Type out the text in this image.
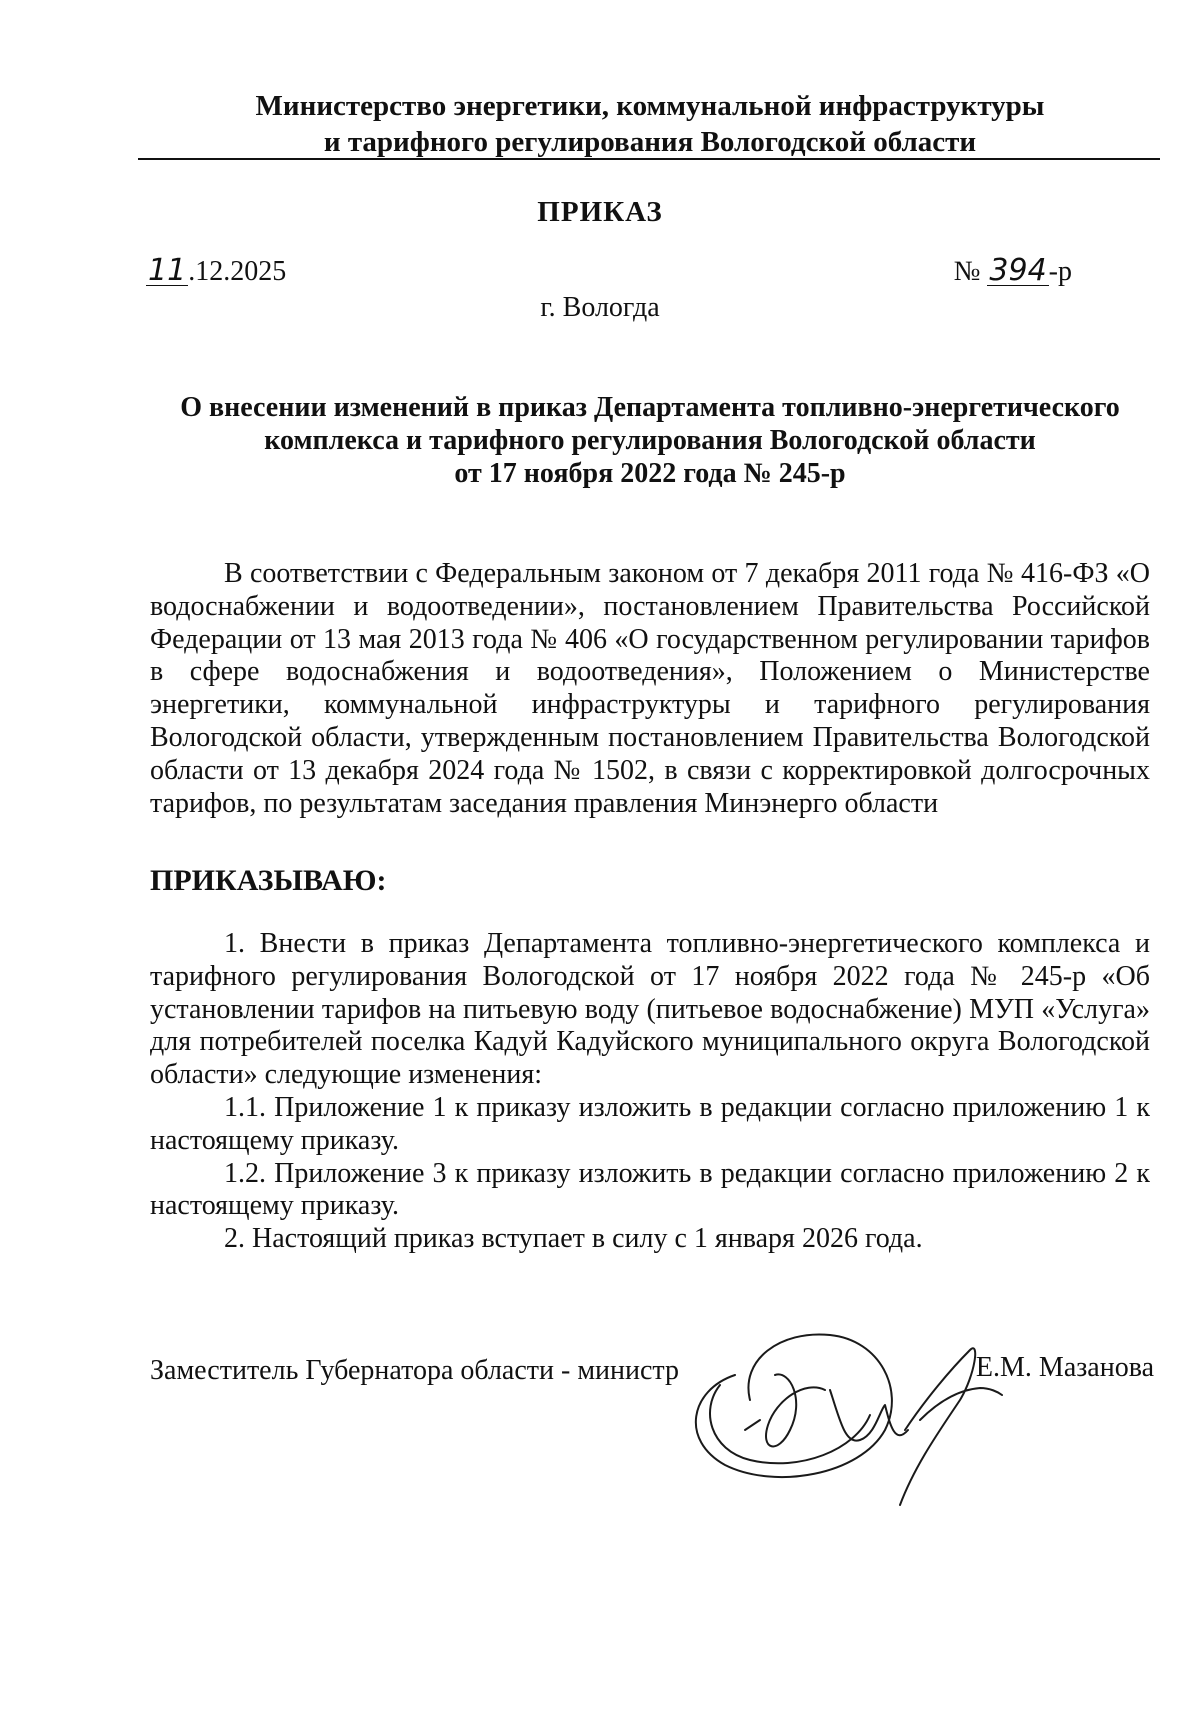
Министерство энергетики, коммунальной инфраструктуры
и тарифного регулирования Вологодской области
ПРИКАЗ
11.12.2025	№ 394-р
г. Вологда
О внесении изменений в приказ Департамента топливно-энергетического
комплекса и тарифного регулирования Вологодской области
от 17 ноября 2022 года № 245-р

В соответствии с Федеральным законом от 7 декабря 2011 года № 416-ФЗ «О водоснабжении и водоотведении», постановлением Правительства Российской Федерации от 13 мая 2013 года № 406 «О государственном регулировании тарифов в сфере водоснабжения и водоотведения», Положением о Министерстве энергетики, коммунальной инфраструктуры и тарифного регулирования Вологодской области, утвержденным постановлением Правительства Вологодской области от 13 декабря 2024 года № 1502, в связи с корректировкой долгосрочных тарифов, по результатам заседания правления Минэнерго области

ПРИКАЗЫВАЮ:

1. Внести в приказ Департамента топливно-энергетического комплекса и тарифного регулирования Вологодской от 17 ноября 2022 года № 245-р «Об установлении тарифов на питьевую воду (питьевое водоснабжение) МУП «Услуга» для потребителей поселка Кадуй Кадуйского муниципального округа Вологодской области» следующие изменения:

1.1. Приложение 1 к приказу изложить в редакции согласно приложению 1 к настоящему приказу.

1.2. Приложение 3 к приказу изложить в редакции согласно приложению 2 к настоящему приказу.

2. Настоящий приказ вступает в силу с 1 января 2026 года.

Заместитель Губернатора области - министр	Е.М. Мазанова
